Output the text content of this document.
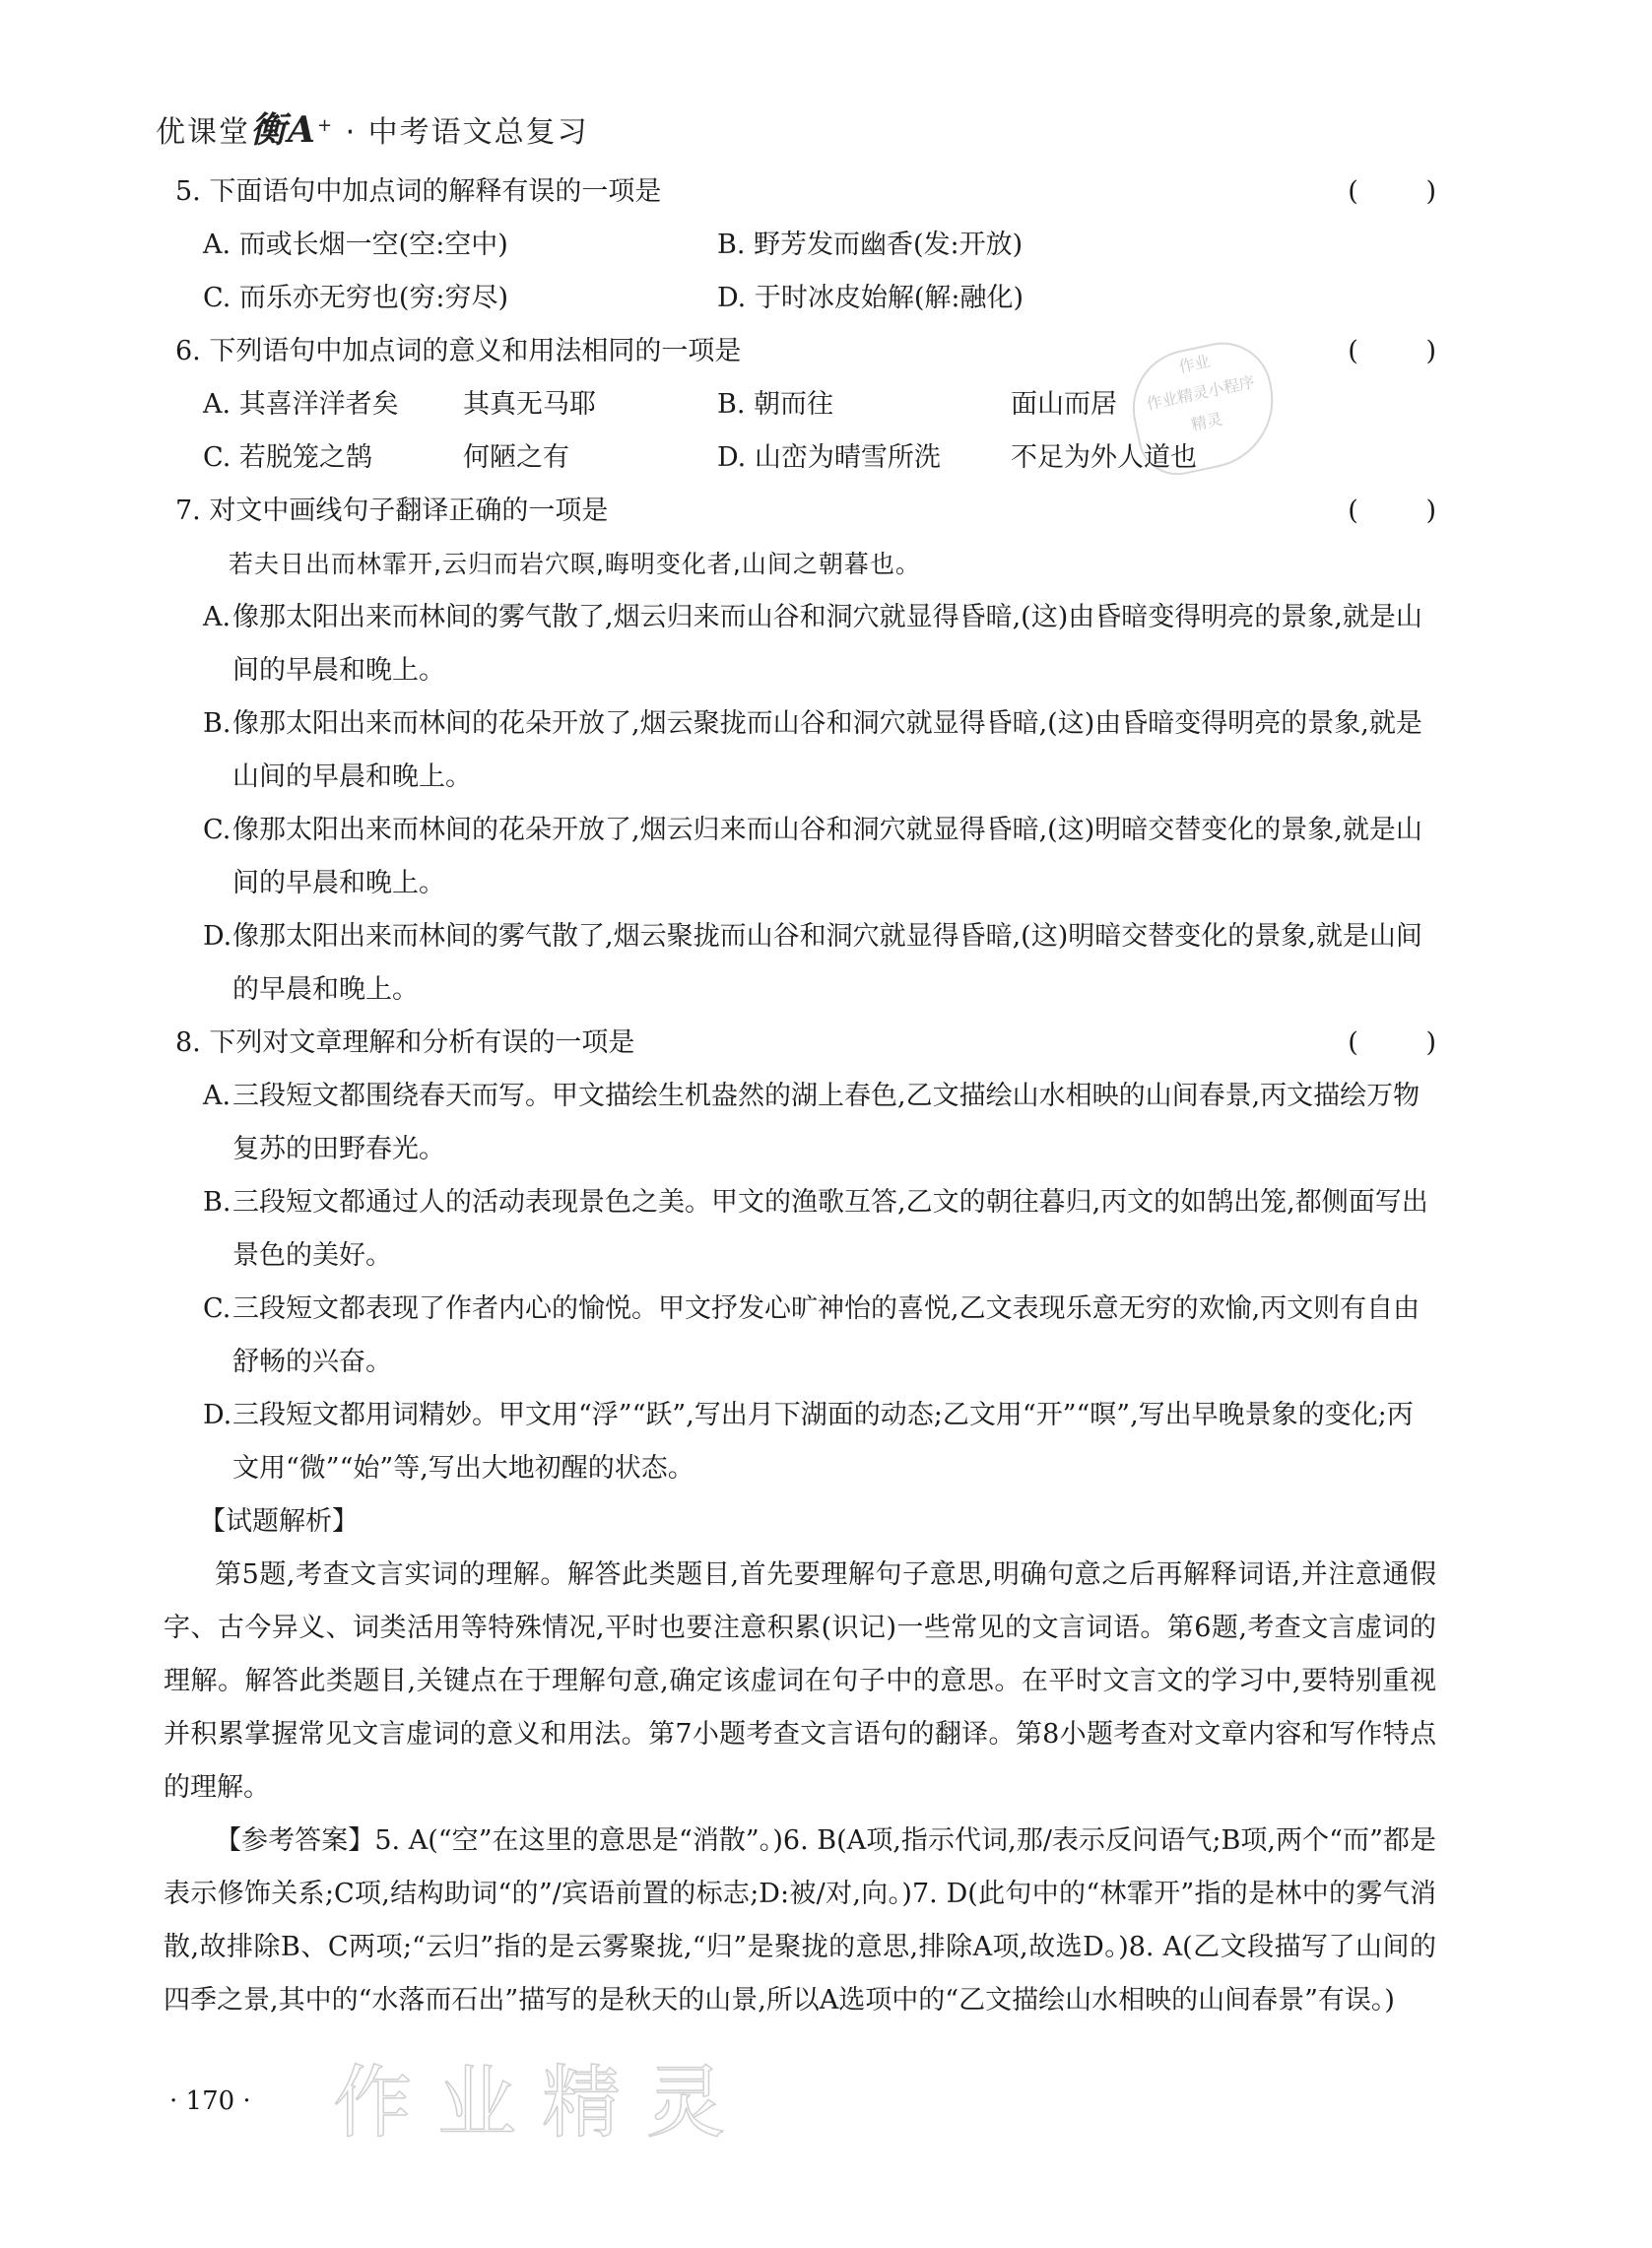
优课堂衡A+ · 中考语文总复习
作业
作业精灵小程序
精灵
5. 下面语句中加点词的解释有误的一项是	(        )
A. 而或长烟一空(空:空中)	B. 野芳发而幽香(发:开放)
C. 而乐亦无穷也(穷:穷尽)	D. 于时冰皮始解(解:融化)
6. 下列语句中加点词的意义和用法相同的一项是	(        )
A. 其喜洋洋者矣 其真无马耶	B. 朝而往	面山而居
C. 若脱笼之鹄	何陋之有	D. 山峦为晴雪所洗	不足为外人道也
7. 对文中画线句子翻译正确的一项是	(        )
若夫日出而林霏开,云归而岩穴暝,晦明变化者,山间之朝暮也。
A.像那太阳出来而林间的雾气散了,烟云归来而山谷和洞穴就显得昏暗,(这)由昏暗变得明亮的景象,就是山间的早晨和晚上。
B.像那太阳出来而林间的花朵开放了,烟云聚拢而山谷和洞穴就显得昏暗,(这)由昏暗变得明亮的景象,就是山间的早晨和晚上。
C.像那太阳出来而林间的花朵开放了,烟云归来而山谷和洞穴就显得昏暗,(这)明暗交替变化的景象,就是山间的早晨和晚上。
D.像那太阳出来而林间的雾气散了,烟云聚拢而山谷和洞穴就显得昏暗,(这)明暗交替变化的景象,就是山间的早晨和晚上。
8. 下列对文章理解和分析有误的一项是	(        )
A.三段短文都围绕春天而写。甲文描绘生机盎然的湖上春色,乙文描绘山水相映的山间春景,丙文描绘万物复苏的田野春光。
B.三段短文都通过人的活动表现景色之美。甲文的渔歌互答,乙文的朝往暮归,丙文的如鹄出笼,都侧面写出景色的美好。
C.三段短文都表现了作者内心的愉悦。甲文抒发心旷神怡的喜悦,乙文表现乐意无穷的欢愉,丙文则有自由舒畅的兴奋。
D.三段短文都用词精妙。甲文用“浮”“跃”,写出月下湖面的动态;乙文用“开”“暝”,写出早晚景象的变化;丙文用“微”“始”等,写出大地初醒的状态。
【试题解析】
第5题,考查文言实词的理解。解答此类题目,首先要理解句子意思,明确句意之后再解释词语,并注意通假字、古今异义、词类活用等特殊情况,平时也要注意积累(识记)一些常见的文言词语。第6题,考查文言虚词的理解。解答此类题目,关键点在于理解句意,确定该虚词在句子中的意思。在平时文言文的学习中,要特别重视并积累掌握常见文言虚词的意义和用法。第7小题考查文言语句的翻译。第8小题考查对文章内容和写作特点的理解。
【参考答案】5. A(“空”在这里的意思是“消散”。)6. B(A项,指示代词,那/表示反问语气;B项,两个“而”都是表示修饰关系;C项,结构助词“的”/宾语前置的标志;D:被/对,向。)7. D(此句中的“林霏开”指的是林中的雾气消散,故排除B、C两项;“云归”指的是云雾聚拢,“归”是聚拢的意思,排除A项,故选D。)8. A(乙文段描写了山间的四季之景,其中的“水落而石出”描写的是秋天的山景,所以A选项中的“乙文描绘山水相映的山间春景”有误。)
· 170 · 作业精灵
